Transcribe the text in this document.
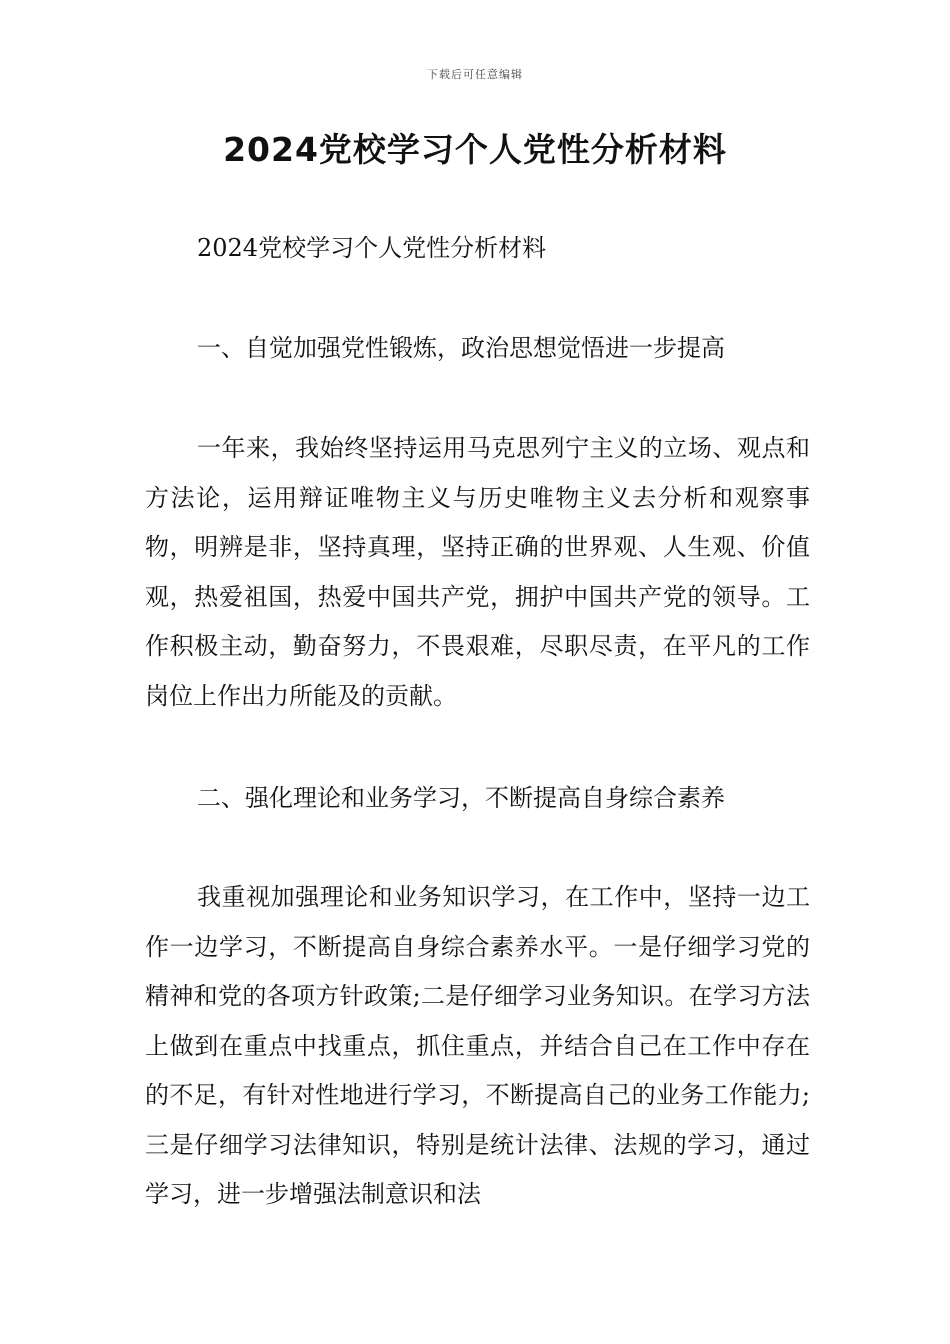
下载后可任意编辑
2024党校学习个人党性分析材料

2024党校学习个人党性分析材料

一、自觉加强党性锻炼，政治思想觉悟进一步提高

一年来，我始终坚持运用马克思列宁主义的立场、观点和方法论，运用辩证唯物主义与历史唯物主义去分析和观察事物，明辨是非，坚持真理，坚持正确的世界观、人生观、价值观，热爱祖国，热爱中国共产党，拥护中国共产党的领导。工作积极主动，勤奋努力，不畏艰难，尽职尽责，在平凡的工作岗位上作出力所能及的贡献。

二、强化理论和业务学习，不断提高自身综合素养

我重视加强理论和业务知识学习，在工作中，坚持一边工作一边学习，不断提高自身综合素养水平。一是仔细学习党的精神和党的各项方针政策;二是仔细学习业务知识。在学习方法上做到在重点中找重点，抓住重点，并结合自己在工作中存在的不足，有针对性地进行学习，不断提高自己的业务工作能力;三是仔细学习法律知识，特别是统计法律、法规的学习，通过学习，进一步增强法制意识和法
